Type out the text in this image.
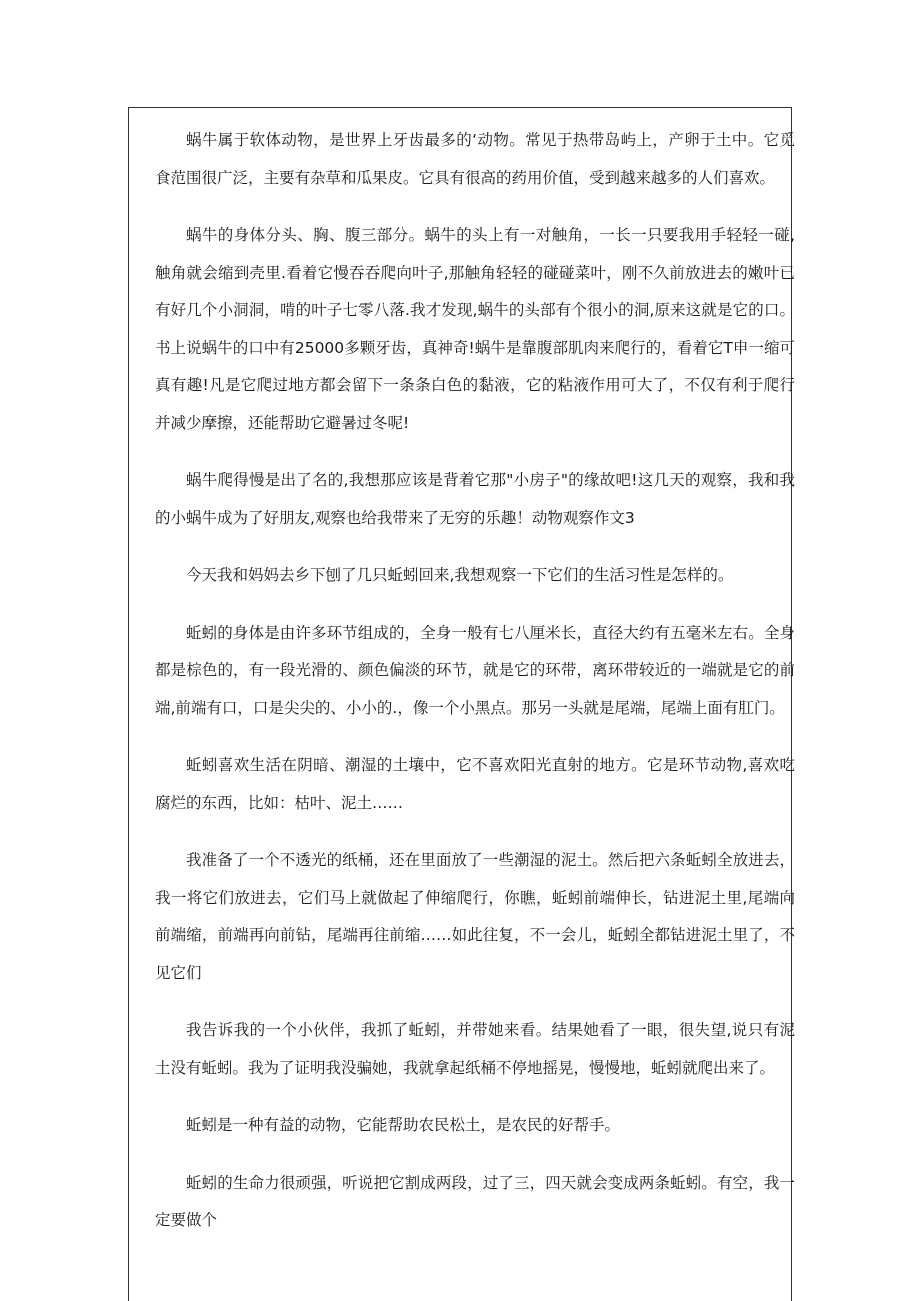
蜗牛属于软体动物，是世界上牙齿最多的‘动物。常见于热带岛屿上，产卵于土中。它觅食范围很广泛，主要有杂草和瓜果皮。它具有很高的药用价值，受到越来越多的人们喜欢。

蜗牛的身体分头、胸、腹三部分。蜗牛的头上有一对触角，一长一只要我用手轻轻一碰,触角就会缩到壳里.看着它慢吞吞爬向叶子,那触角轻轻的碰碰菜叶，刚不久前放进去的嫩叶已有好几个小洞洞，啃的叶子七零八落.我才发现,蜗牛的头部有个很小的洞,原来这就是它的口。书上说蜗牛的口中有25000多颗牙齿，真神奇!蜗牛是靠腹部肌肉来爬行的，看着它T申一缩可真有趣!凡是它爬过地方都会留下一条条白色的黏液，它的粘液作用可大了，不仅有利于爬行并减少摩擦，还能帮助它避暑过冬呢!

蜗牛爬得慢是出了名的,我想那应该是背着它那"小房子"的缘故吧!这几天的观察，我和我的小蜗牛成为了好朋友,观察也给我带来了无穷的乐趣！动物观察作文3

今天我和妈妈去乡下刨了几只蚯蚓回来,我想观察一下它们的生活习性是怎样的。

蚯蚓的身体是由许多环节组成的，全身一般有七八厘米长，直径大约有五毫米左右。全身都是棕色的，有一段光滑的、颜色偏淡的环节，就是它的环带，离环带较近的一端就是它的前端,前端有口，口是尖尖的、小小的.，像一个小黑点。那另一头就是尾端，尾端上面有肛门。

蚯蚓喜欢生活在阴暗、潮湿的土壤中，它不喜欢阳光直射的地方。它是环节动物,喜欢吃腐烂的东西，比如：枯叶、泥土……

我准备了一个不透光的纸桶，还在里面放了一些潮湿的泥土。然后把六条蚯蚓全放进去，我一将它们放进去，它们马上就做起了伸缩爬行，你瞧，蚯蚓前端伸长，钻进泥土里,尾端向前端缩，前端再向前钻，尾端再往前缩……如此往复，不一会儿，蚯蚓全都钻进泥土里了，不见它们

我告诉我的一个小伙伴，我抓了蚯蚓，并带她来看。结果她看了一眼，很失望,说只有泥土没有蚯蚓。我为了证明我没骗她，我就拿起纸桶不停地摇晃，慢慢地，蚯蚓就爬出来了。

蚯蚓是一种有益的动物，它能帮助农民松土，是农民的好帮手。

蚯蚓的生命力很顽强，听说把它割成两段，过了三，四天就会变成两条蚯蚓。有空，我一定要做个
